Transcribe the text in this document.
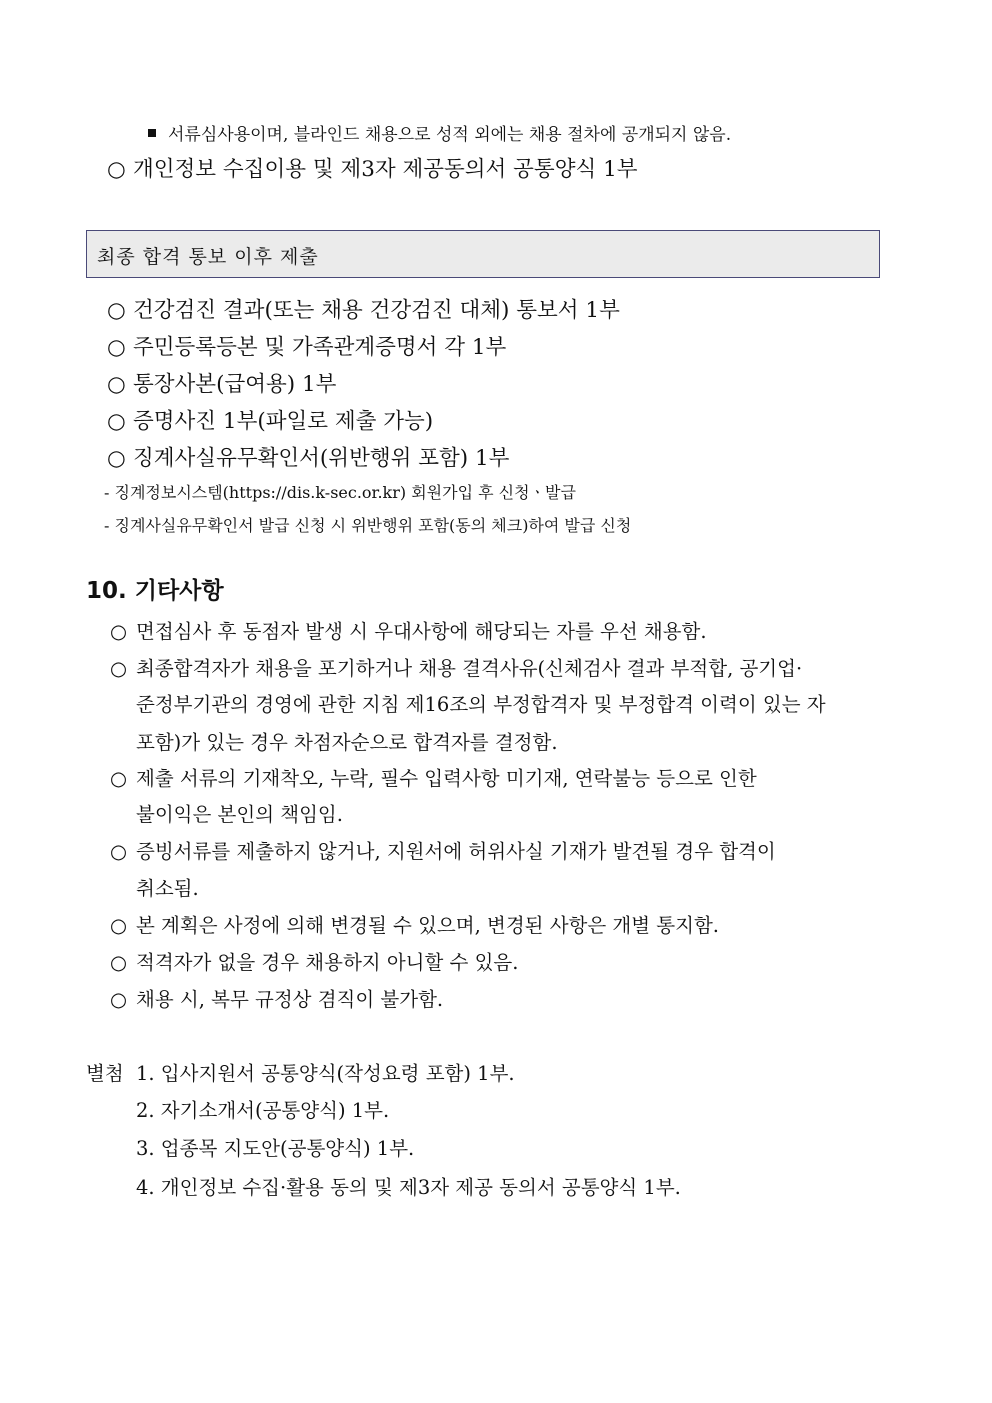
서류심사용이며, 블라인드 채용으로 성적 외에는 채용 절차에 공개되지 않음.
○ 개인정보 수집이용 및 제3자 제공동의서 공통양식 1부
최종 합격 통보 이후 제출
○ 건강검진 결과(또는 채용 건강검진 대체) 통보서 1부
○ 주민등록등본 및 가족관계증명서 각 1부
○ 통장사본(급여용) 1부
○ 증명사진 1부(파일로 제출 가능)
○ 징계사실유무확인서(위반행위 포함) 1부
- 징계정보시스템(https://dis.k-sec.or.kr) 회원가입 후 신청ㆍ발급
- 징계사실유무확인서 발급 신청 시 위반행위 포함(동의 체크)하여 발급 신청
10. 기타사항
○ 면접심사 후 동점자 발생 시 우대사항에 해당되는 자를 우선 채용함.
○ 최종합격자가 채용을 포기하거나 채용 결격사유(신체검사 결과 부적합, 공기업·
준정부기관의 경영에 관한 지침 제16조의 부정합격자 및 부정합격 이력이 있는 자
포함)가 있는 경우 차점자순으로 합격자를 결정함.
○ 제출 서류의 기재착오, 누락, 필수 입력사항 미기재, 연락불능 등으로 인한
불이익은 본인의 책임임.
○ 증빙서류를 제출하지 않거나, 지원서에 허위사실 기재가 발견될 경우 합격이
취소됨.
○ 본 계획은 사정에 의해 변경될 수 있으며, 변경된 사항은 개별 통지함.
○ 적격자가 없을 경우 채용하지 아니할 수 있음.
○ 채용 시, 복무 규정상 겸직이 불가함.
별첨 1. 입사지원서 공통양식(작성요령 포함) 1부.
2. 자기소개서(공통양식) 1부.
3. 업종목 지도안(공통양식) 1부.
4. 개인정보 수집·활용 동의 및 제3자 제공 동의서 공통양식 1부.
